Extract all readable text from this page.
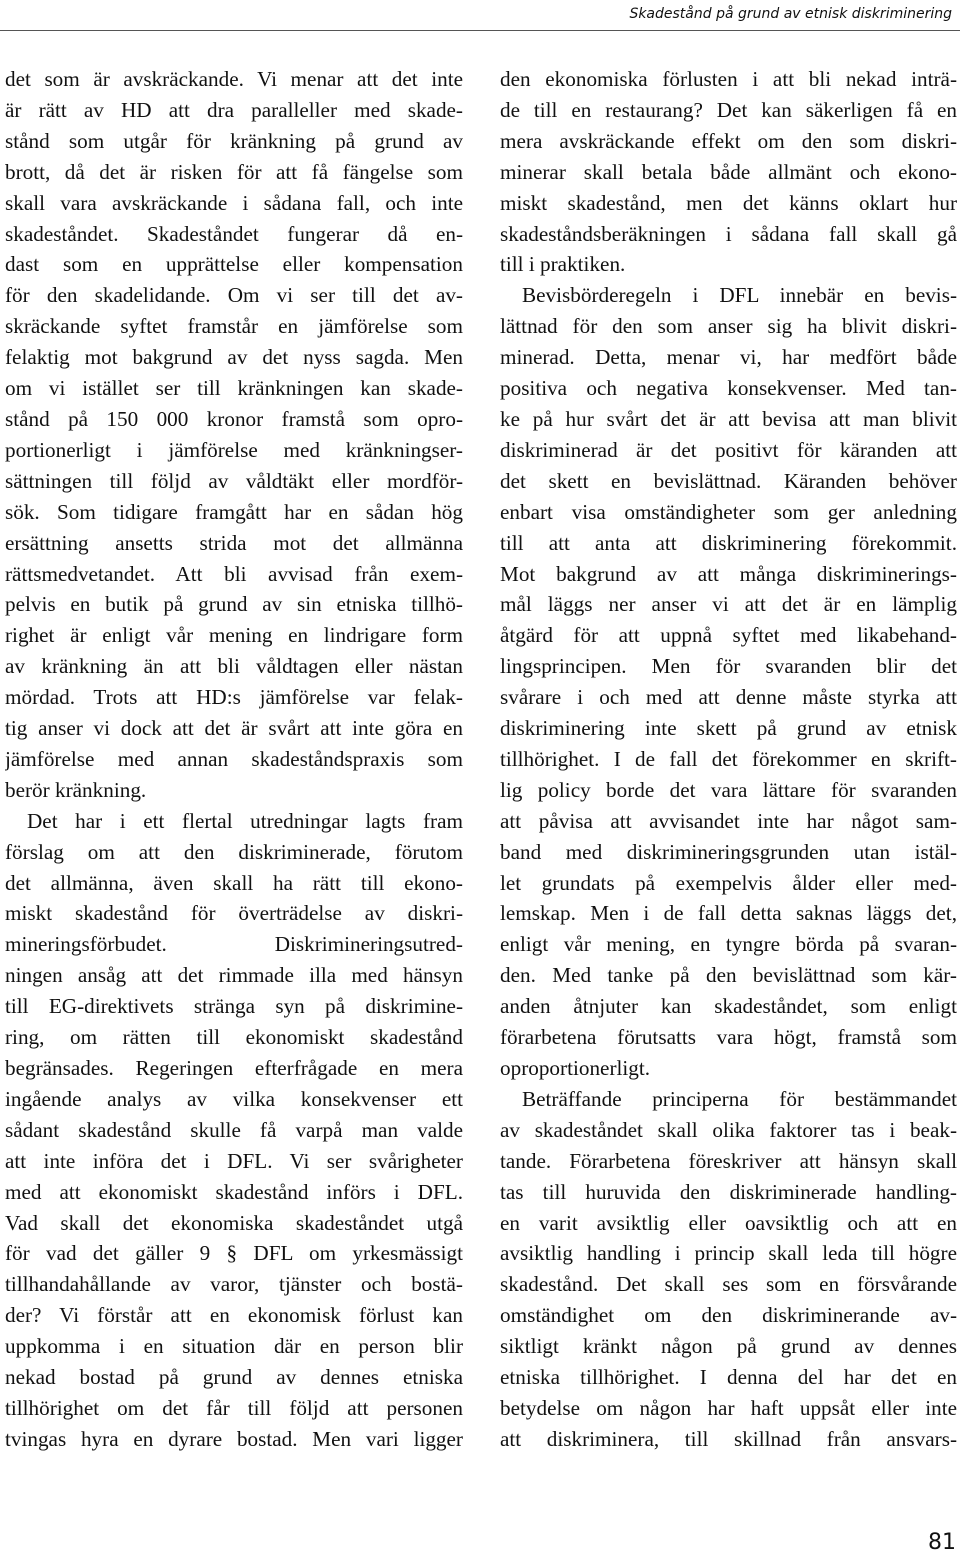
Skadestånd på grund av etnisk diskriminering
det som är avskräckande. Vi menar att det inte
är rätt av HD att dra paralleller med skade-
stånd som utgår för kränkning på grund av
brott, då det är risken för att få fängelse som
skall vara avskräckande i sådana fall, och inte
skadeståndet. Skadeståndet fungerar då en-
dast som en upprättelse eller kompensation
för den skadelidande. Om vi ser till det av-
skräckande syftet framstår en jämförelse som
felaktig mot bakgrund av det nyss sagda. Men
om vi istället ser till kränkningen kan skade-
stånd på 150 000 kronor framstå som opro-
portionerligt i jämförelse med kränkningser-
sättningen till följd av våldtäkt eller mordför-
sök. Som tidigare framgått har en sådan hög
ersättning ansetts strida mot det allmänna
rättsmedvetandet. Att bli avvisad från exem-
pelvis en butik på grund av sin etniska tillhö-
righet är enligt vår mening en lindrigare form
av kränkning än att bli våldtagen eller nästan
mördad. Trots att HD:s jämförelse var felak-
tig anser vi dock att det är svårt att inte göra en
jämförelse med annan skadeståndspraxis som
berör kränkning.
Det har i ett flertal utredningar lagts fram
förslag om att den diskriminerade, förutom
det allmänna, även skall ha rätt till ekono-
miskt skadestånd för överträdelse av diskri-
mineringsförbudet. Diskrimineringsutred-
ningen ansåg att det rimmade illa med hänsyn
till EG-direktivets stränga syn på diskrimine-
ring, om rätten till ekonomiskt skadestånd
begränsades. Regeringen efterfrågade en mera
ingående analys av vilka konsekvenser ett
sådant skadestånd skulle få varpå man valde
att inte införa det i DFL. Vi ser svårigheter
med att ekonomiskt skadestånd införs i DFL.
Vad skall det ekonomiska skadeståndet utgå
för vad det gäller 9 § DFL om yrkesmässigt
tillhandahållande av varor, tjänster och bostä-
der? Vi förstår att en ekonomisk förlust kan
uppkomma i en situation där en person blir
nekad bostad på grund av dennes etniska
tillhörighet om det får till följd att personen
tvingas hyra en dyrare bostad. Men vari ligger
den ekonomiska förlusten i att bli nekad inträ-
de till en restaurang? Det kan säkerligen få en
mera avskräckande effekt om den som diskri-
minerar skall betala både allmänt och ekono-
miskt skadestånd, men det känns oklart hur
skadeståndsberäkningen i sådana fall skall gå
till i praktiken.
Bevisbörderegeln i DFL innebär en bevis-
lättnad för den som anser sig ha blivit diskri-
minerad. Detta, menar vi, har medfört både
positiva och negativa konsekvenser. Med tan-
ke på hur svårt det är att bevisa att man blivit
diskriminerad är det positivt för käranden att
det skett en bevislättnad. Käranden behöver
enbart visa omständigheter som ger anledning
till att anta att diskriminering förekommit.
Mot bakgrund av att många diskriminerings-
mål läggs ner anser vi att det är en lämplig
åtgärd för att uppnå syftet med likabehand-
lingsprincipen. Men för svaranden blir det
svårare i och med att denne måste styrka att
diskriminering inte skett på grund av etnisk
tillhörighet. I de fall det förekommer en skrift-
lig policy borde det vara lättare för svaranden
att påvisa att avvisandet inte har något sam-
band med diskrimineringsgrunden utan istäl-
let grundats på exempelvis ålder eller med-
lemskap. Men i de fall detta saknas läggs det,
enligt vår mening, en tyngre börda på svaran-
den. Med tanke på den bevislättnad som kär-
anden åtnjuter kan skadeståndet, som enligt
förarbetena förutsatts vara högt, framstå som
oproportionerligt.
Beträffande principerna för bestämmandet
av skadeståndet skall olika faktorer tas i beak-
tande. Förarbetena föreskriver att hänsyn skall
tas till huruvida den diskriminerade handling-
en varit avsiktlig eller oavsiktlig och att en
avsiktlig handling i princip skall leda till högre
skadestånd. Det skall ses som en försvårande
omständighet om den diskriminerande av-
siktligt kränkt någon på grund av dennes
etniska tillhörighet. I denna del har det en
betydelse om någon har haft uppsåt eller inte
att diskriminera, till skillnad från ansvars-
81
